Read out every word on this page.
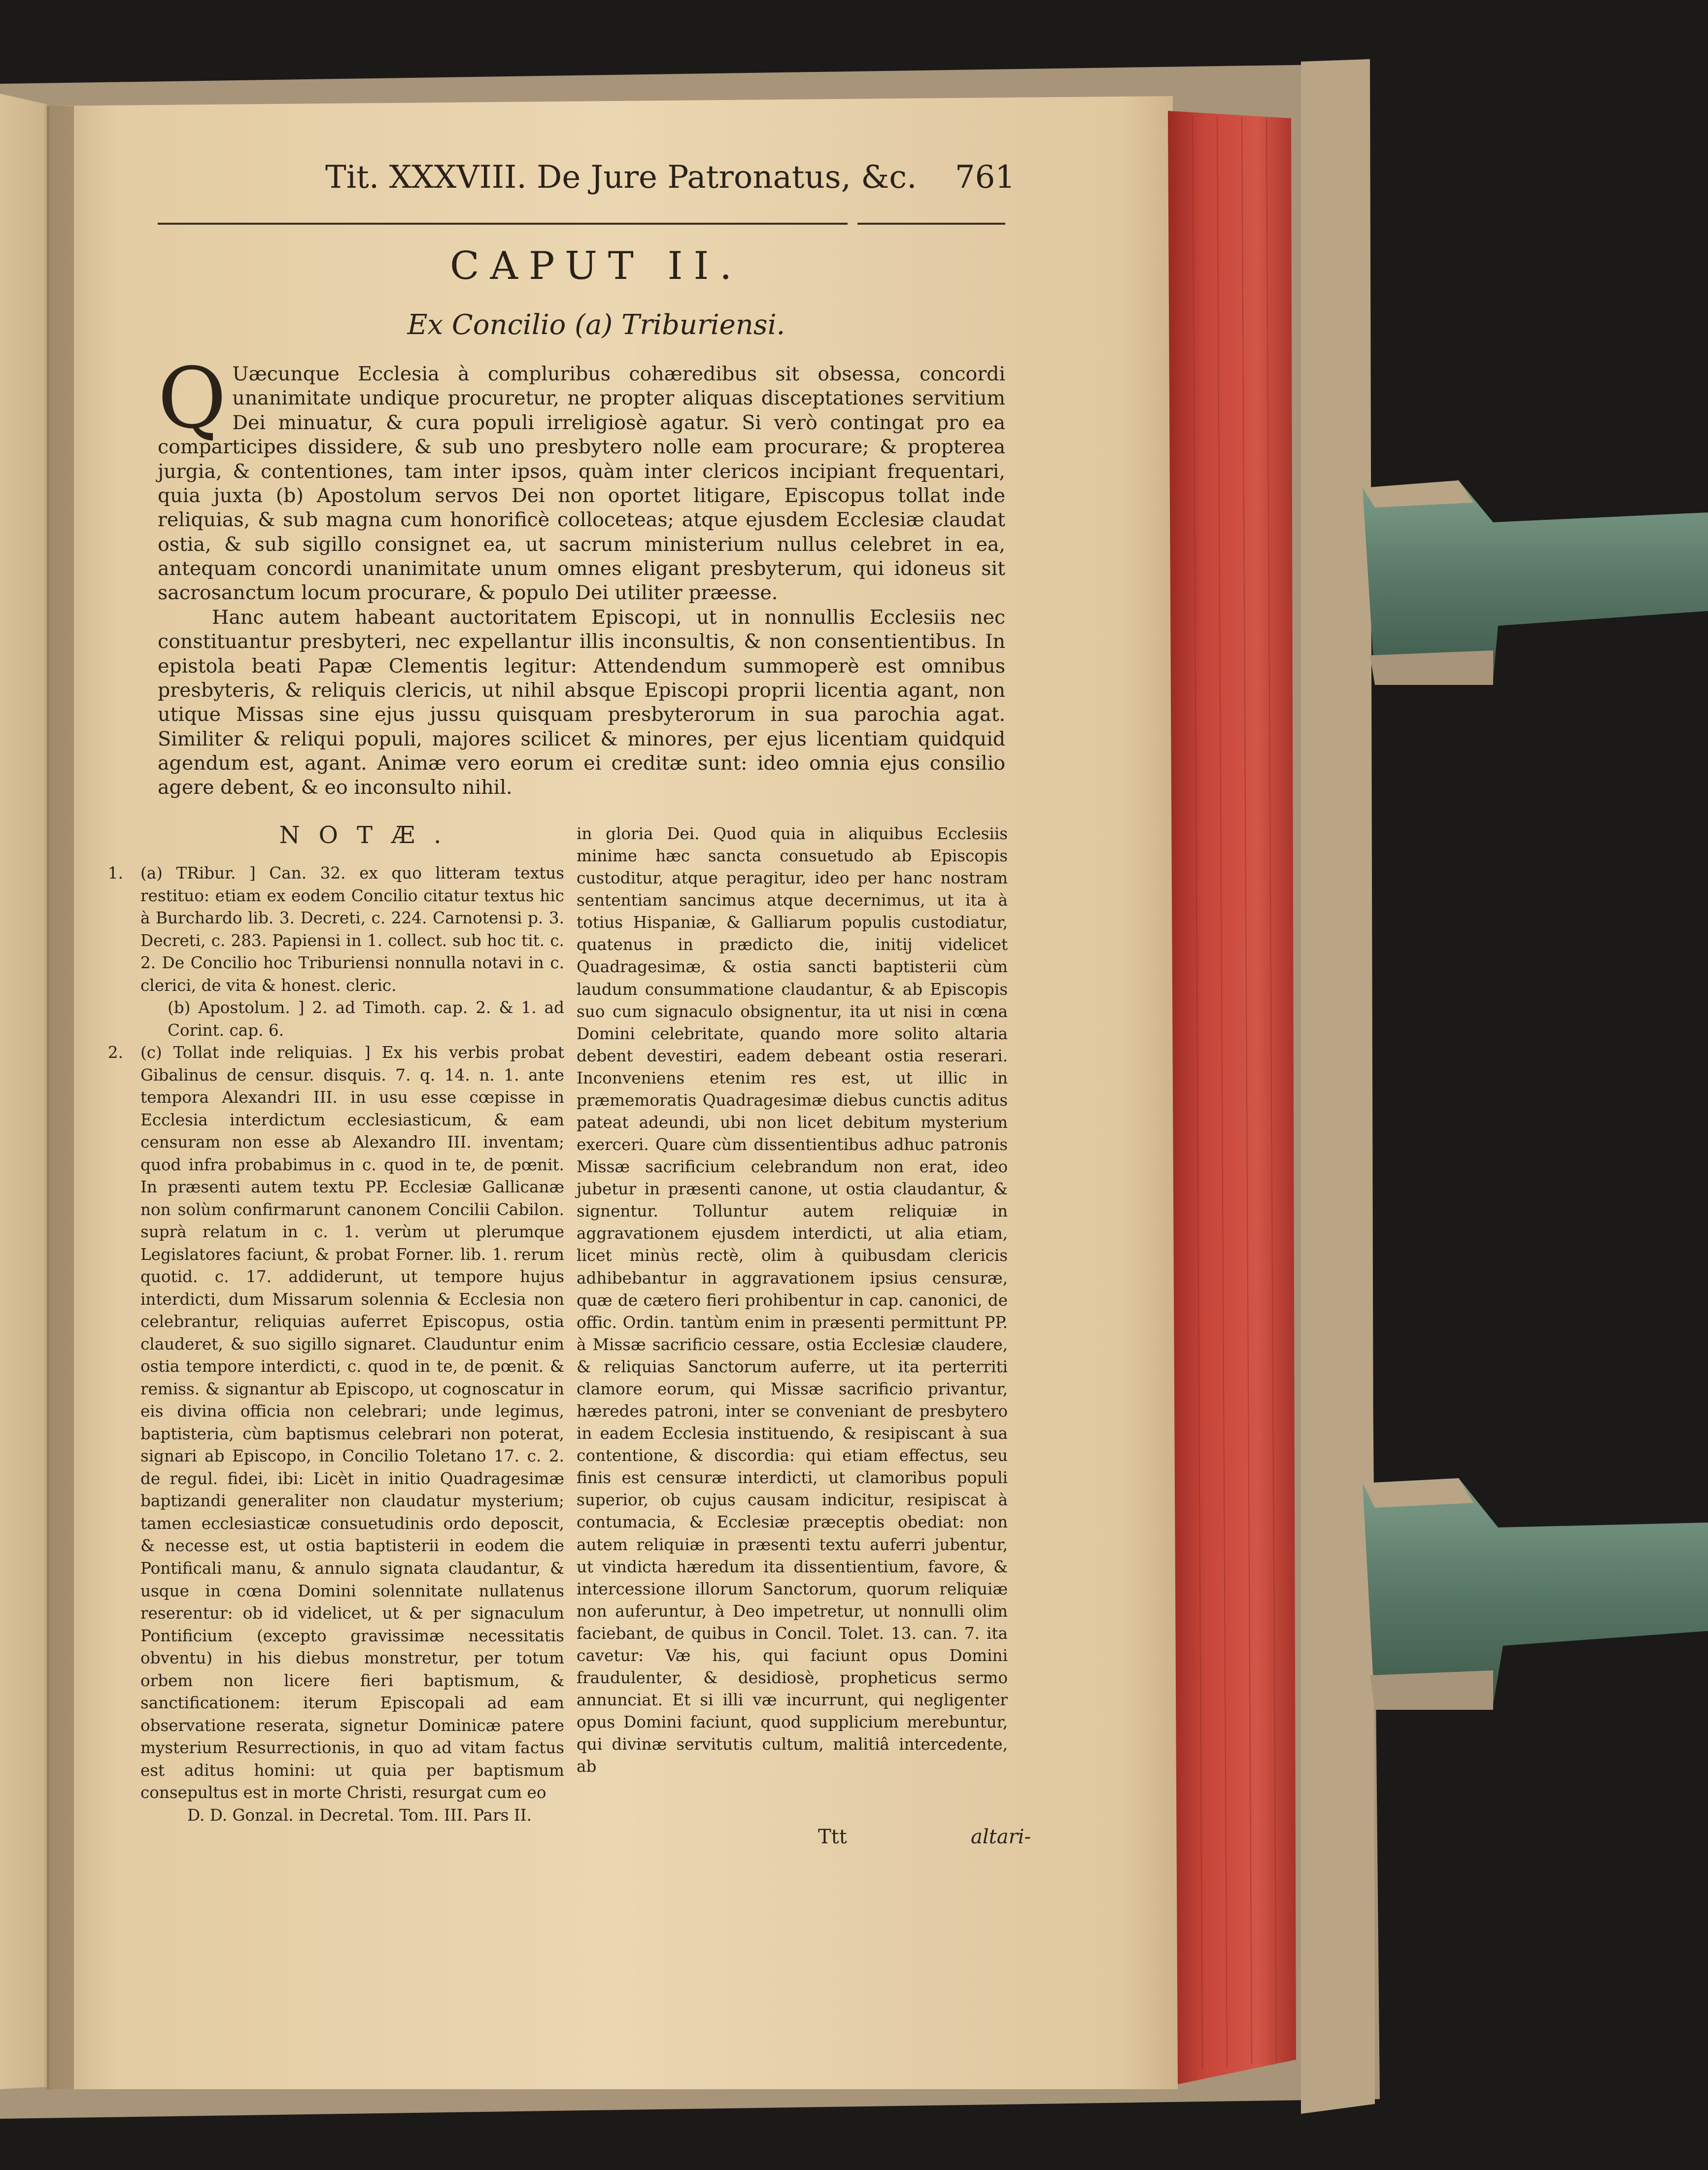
Tit. XXXVIII. De Jure Patronatus, &c. 761
CAPUT II.
Ex Concilio (a) Triburiensi.
Q Uæcunque Ecclesia à compluribus cohæredibus sit obsessa, concordi unanimitate undique procuretur, ne propter aliquas disceptationes servitium Dei minuatur, & cura populi irreligiosè agatur. Si verò contingat pro ea comparticipes dissidere, & sub uno presbytero nolle eam procurare; & propterea jurgia, & contentiones, tam inter ipsos, quàm inter clericos incipiant frequentari, quia juxta (b) Apostolum servos Dei non oportet litigare, Episcopus tollat inde reliquias, & sub magna cum honorificè colloceteas; atque ejusdem Ecclesiæ claudat ostia, & sub sigillo consignet ea, ut sacrum ministerium nullus celebret in ea, antequam concordi unanimitate unum omnes eligant presbyterum, qui idoneus sit sacrosanctum locum procurare, & populo Dei utiliter præesse.

Hanc autem habeant auctoritatem Episcopi, ut in nonnullis Ecclesiis nec constituantur presbyteri, nec expellantur illis inconsultis, & non consentientibus. In epistola beati Papæ Clementis legitur: Attendendum summoperè est omnibus presbyteris, & reliquis clericis, ut nihil absque Episcopi proprii licentia agant, non utique Missas sine ejus jussu quisquam presbyterorum in sua parochia agat. Similiter & reliqui populi, majores scilicet & minores, per ejus licentiam quidquid agendum est, agant. Animæ vero eorum ei creditæ sunt: ideo omnia ejus consilio agere debent, & eo inconsulto nihil.

NOTÆ.
1. (a) TRibur. ] Can. 32. ex quo litteram textus restituo: etiam ex eodem Concilio citatur textus hic à Burchardo lib. 3. Decreti, c. 224. Carnotensi p. 3. Decreti, c. 283. Papiensi in 1. collect. sub hoc tit. c. 2. De Concilio hoc Triburiensi nonnulla notavi in c. clerici, de vita & honest. cleric.

(b) Apostolum. ] 2. ad Timoth. cap. 2. & 1. ad Corint. cap. 6.

2. (c) Tollat inde reliquias. ] Ex his verbis probat Gibalinus de censur. disquis. 7. q. 14. n. 1. ante tempora Alexandri III. in usu esse cœpisse in Ecclesia interdictum ecclesiasticum, & eam censuram non esse ab Alexandro III. inventam; quod infra probabimus in c. quod in te, de pœnit. In præsenti autem textu PP. Ecclesiæ Gallicanæ non solùm confirmarunt canonem Concilii Cabilon. suprà relatum in c. 1. verùm ut plerumque Legislatores faciunt, & probat Forner. lib. 1. rerum quotid. c. 17. addiderunt, ut tempore hujus interdicti, dum Missarum solennia & Ecclesia non celebrantur, reliquias auferret Episcopus, ostia clauderet, & suo sigillo signaret. Clauduntur enim ostia tempore interdicti, c. quod in te, de pœnit. & remiss. & signantur ab Episcopo, ut cognoscatur in eis divina officia non celebrari; unde legimus, baptisteria, cùm baptismus celebrari non poterat, signari ab Episcopo, in Concilio Toletano 17. c. 2. de regul. fidei, ibi: Licèt in initio Quadragesimæ baptizandi generaliter non claudatur mysterium; tamen ecclesiasticæ consuetudinis ordo deposcit, & necesse est, ut ostia baptisterii in eodem die Pontificali manu, & annulo signata claudantur, & usque in cœna Domini solennitate nullatenus reserentur: ob id videlicet, ut & per signaculum Pontificium (excepto gravissimæ necessitatis obventu) in his diebus monstretur, per totum orbem non licere fieri baptismum, & sanctificationem: iterum Episcopali ad eam observatione reserata, signetur Dominicæ patere mysterium Resurrectionis, in quo ad vitam factus est aditus homini: ut quia per baptismum consepultus est in morte Christi, resurgat cum eo

D. D. Gonzal. in Decretal. Tom. III. Pars II.

in gloria Dei. Quod quia in aliquibus Ecclesiis minime hæc sancta consuetudo ab Episcopis custoditur, atque peragitur, ideo per hanc nostram sententiam sancimus atque decernimus, ut ita à totius Hispaniæ, & Galliarum populis custodiatur, quatenus in prædicto die, initij videlicet Quadragesimæ, & ostia sancti baptisterii cùm laudum consummatione claudantur, & ab Episcopis suo cum signaculo obsignentur, ita ut nisi in cœna Domini celebritate, quando more solito altaria debent devestiri, eadem debeant ostia reserari. Inconveniens etenim res est, ut illic in præmemoratis Quadragesimæ diebus cunctis aditus pateat adeundi, ubi non licet debitum mysterium exerceri. Quare cùm dissentientibus adhuc patronis Missæ sacrificium celebrandum non erat, ideo jubetur in præsenti canone, ut ostia claudantur, & signentur. Tolluntur autem reliquiæ in aggravationem ejusdem interdicti, ut alia etiam, licet minùs rectè, olim à quibusdam clericis adhibebantur in aggravationem ipsius censuræ, quæ de cætero fieri prohibentur in cap. canonici, de offic. Ordin. tantùm enim in præsenti permittunt PP. à Missæ sacrificio cessare, ostia Ecclesiæ claudere, & reliquias Sanctorum auferre, ut ita perterriti clamore eorum, qui Missæ sacrificio privantur, hæredes patroni, inter se conveniant de presbytero in eadem Ecclesia instituendo, & resipiscant à sua contentione, & discordia: qui etiam effectus, seu finis est censuræ interdicti, ut clamoribus populi superior, ob cujus causam indicitur, resipiscat à contumacia, & Ecclesiæ præceptis obediat: non autem reliquiæ in præsenti textu auferri jubentur, ut vindicta hæredum ita dissentientium, favore, & intercessione illorum Sanctorum, quorum reliquiæ non auferuntur, à Deo impetretur, ut nonnulli olim faciebant, de quibus in Concil. Tolet. 13. can. 7. ita cavetur: Væ his, qui faciunt opus Domini fraudulenter, & desidiosè, propheticus sermo annunciat. Et si illi væ incurrunt, qui negligenter opus Domini faciunt, quod supplicium merebuntur, qui divinæ servitutis cultum, malitiâ intercedente, ab

Ttt	altari-
